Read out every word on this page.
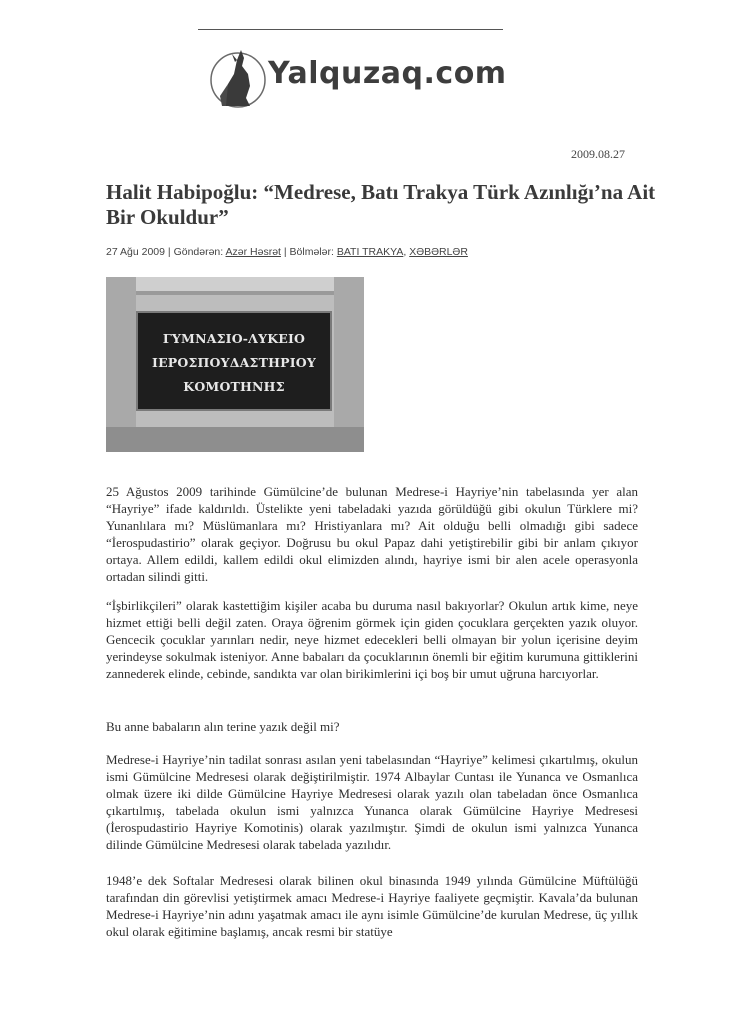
Yalquzaq.com
2009.08.27
Halit Habipoğlu: “Medrese, Batı Trakya Türk Azınlığı’na Ait Bir Okuldur”
27 Ağu 2009 | Göndərən: Azər Həsrət | Bölmələr: BATI TRAKYA, XƏBƏRLƏR
ΓΥΜΝΑΣΙΟ-ΛΥΚΕΙΟ
ΙΕΡΟΣΠΟΥΔΑΣΤΗΡΙΟΥ
ΚΟΜΟΤΗΝΗΣ
25 Ağustos 2009 tarihinde Gümülcine’de bulunan Medrese-i Hayriye’nin tabelasında yer alan “Hayriye” ifade kaldırıldı. Üstelikte yeni tabeladaki yazıda görüldüğü gibi okulun Türklere mi? Yunanlılara mı? Müslümanlara mı? Hristiyanlara mı? Ait olduğu belli olmadığı gibi sadece “İerospudastirio” olarak geçiyor. Doğrusu bu okul Papaz dahi yetiştirebilir gibi bir anlam çıkıyor ortaya. Allem edildi, kallem edildi okul elimizden alındı, hayriye ismi bir alen acele operasyonla ortadan silindi gitti.
“İşbirlikçileri” olarak kastettiğim kişiler acaba bu duruma nasıl bakıyorlar? Okulun artık kime, neye hizmet ettiği belli değil zaten. Oraya öğrenim görmek için giden çocuklara gerçekten yazık oluyor. Gencecik çocuklar yarınları nedir, neye hizmet edecekleri belli olmayan bir yolun içerisine deyim yerindeyse sokulmak isteniyor. Anne babaları da çocuklarının önemli bir eğitim kurumuna gittiklerini zannederek elinde, cebinde, sandıkta var olan birikimlerini içi boş bir umut uğruna harcıyorlar.
Bu anne babaların alın terine yazık değil mi?
Medrese-i Hayriye’nin tadilat sonrası asılan yeni tabelasından “Hayriye” kelimesi çıkartılmış, okulun ismi Gümülcine Medresesi olarak değiştirilmiştir. 1974 Albaylar Cuntası ile Yunanca ve Osmanlıca olmak üzere iki dilde Gümülcine Hayriye Medresesi olarak yazılı olan tabeladan önce Osmanlıca çıkartılmış, tabelada okulun ismi yalnızca Yunanca olarak Gümülcine Hayriye Medresesi (İerospudastirio Hayriye Komotinis) olarak yazılmıştır. Şimdi de okulun ismi yalnızca Yunanca dilinde Gümülcine Medresesi olarak tabelada yazılıdır.
1948’e dek Softalar Medresesi olarak bilinen okul binasında 1949 yılında Gümülcine Müftülüğü tarafından din görevlisi yetiştirmek amacı Medrese-i Hayriye faaliyete geçmiştir. Kavala’da bulunan Medrese-i Hayriye’nin adını yaşatmak amacı ile aynı isimle Gümülcine’de kurulan Medrese, üç yıllık okul olarak eğitimine başlamış, ancak resmi bir statüye
